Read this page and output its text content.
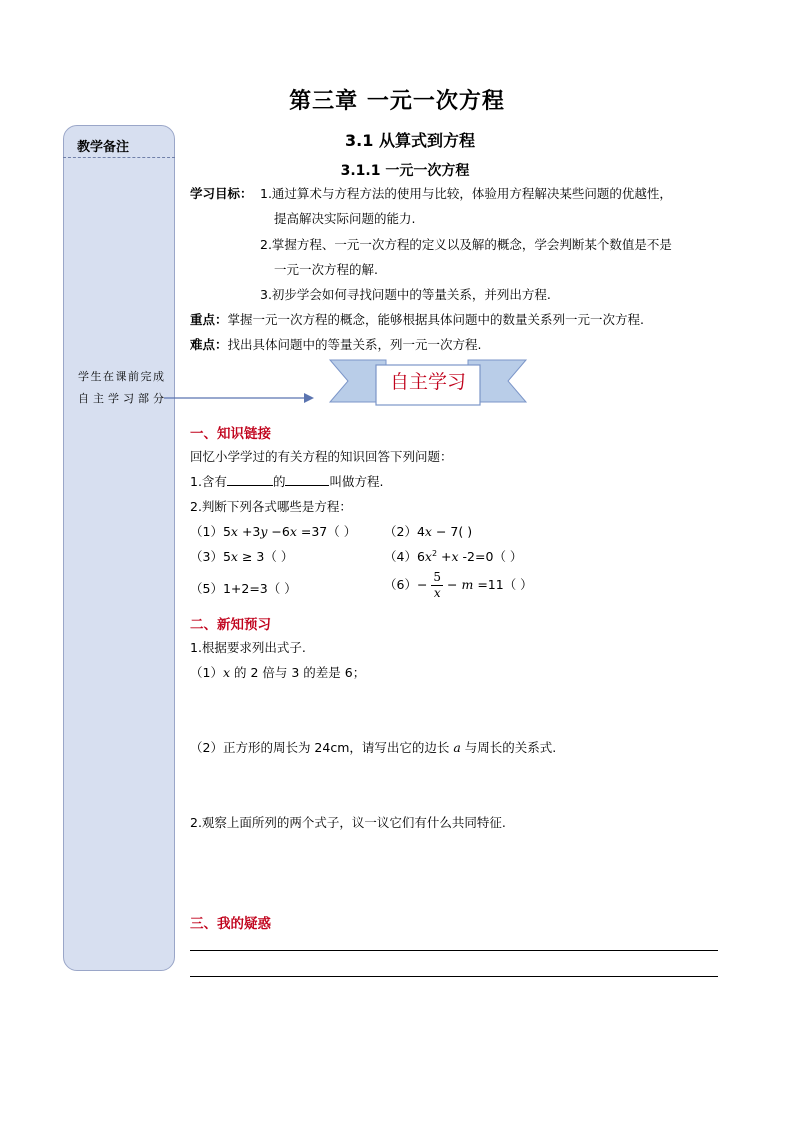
第三章 一元一次方程
3.1 从算式到方程
3.1.1 一元一次方程
教学备注
学生在课前完成自主学习部分
学习目标： 1.通过算术与方程方法的使用与比较，体验用方程解决某些问题的优越性，
提高解决实际问题的能力.
2.掌握方程、一元一次方程的定义以及解的概念，学会判断某个数值是不是
一元一次方程的解.
3.初步学会如何寻找问题中的等量关系，并列出方程.
重点：掌握一元一次方程的概念，能够根据具体问题中的数量关系列一元一次方程.
难点：找出具体问题中的等量关系，列一元一次方程.
自主学习
一、知识链接
回忆小学学过的有关方程的知识回答下列问题：
1.含有	的	叫做方程.
2.判断下列各式哪些是方程：
（1）5x +3y −6x =37（ ） （2）4x − 7( )
（3）5x ≥ 3（ ）	$(4)6x^2 +x$ -2=0（ ）
（5）1+2=3（ ）	$(6)- \frac{5}{x} - m =11$（ ）
二、新知预习
1.根据要求列出式子.
（1）x 的 2 倍与 3 的差是 6；
（2）正方形的周长为 24cm，请写出它的边长 a 与周长的关系式.
2.观察上面所列的两个式子，议一议它们有什么共同特征.
三、我的疑惑
